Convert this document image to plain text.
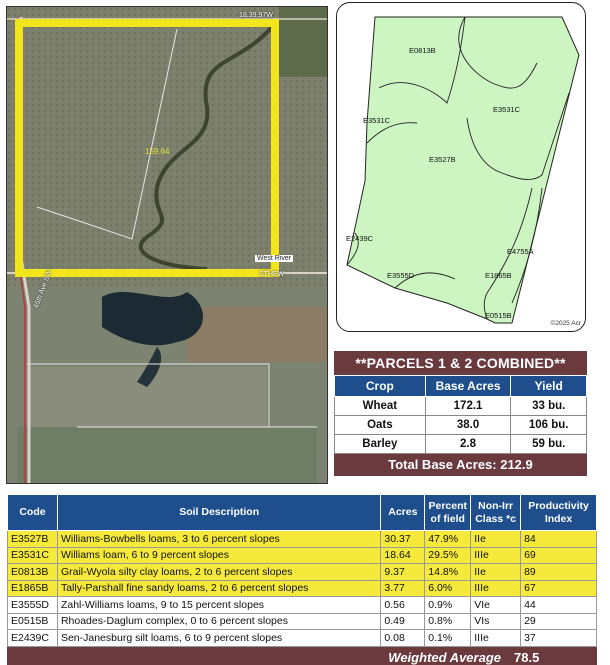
159.64
18.39.97W
STHEW
45th Ave SW
West River
E0813B
E3531C
E3531C
E3527B
E2439C
E4755A
E1865B
E3555D
E0515B
©2025 Acr
**PARCELS 1 & 2 COMBINED**
Crop	Base Acres	Yield
Wheat	172.1	33 bu.
Oats	38.0	106 bu.
Barley	2.8	59 bu.
Total Base Acres: 212.9
Code	Soil Description	Acres	Percent of field	Non-Irr Class *c	Productivity Index
E3527B	Williams-Bowbells loams, 3 to 6 percent slopes	30.37	47.9%	IIe	84
E3531C	Williams loam, 6 to 9 percent slopes	18.64	29.5%	IIIe	69
E0813B	Grail-Wyola silty clay loams, 2 to 6 percent slopes	9.37	14.8%	IIe	89
E1865B	Tally-Parshall fine sandy loams, 2 to 6 percent slopes	3.77	6.0%	IIIe	67
E3555D	Zahl-Williams loams, 9 to 15 percent slopes	0.56	0.9%	VIe	44
E0515B	Rhoades-Daglum complex, 0 to 6 percent slopes	0.49	0.8%	VIs	29
E2439C	Sen-Janesburg silt loams, 6 to 9 percent slopes	0.08	0.1%	IIIe	37
Weighted Average 78.5
